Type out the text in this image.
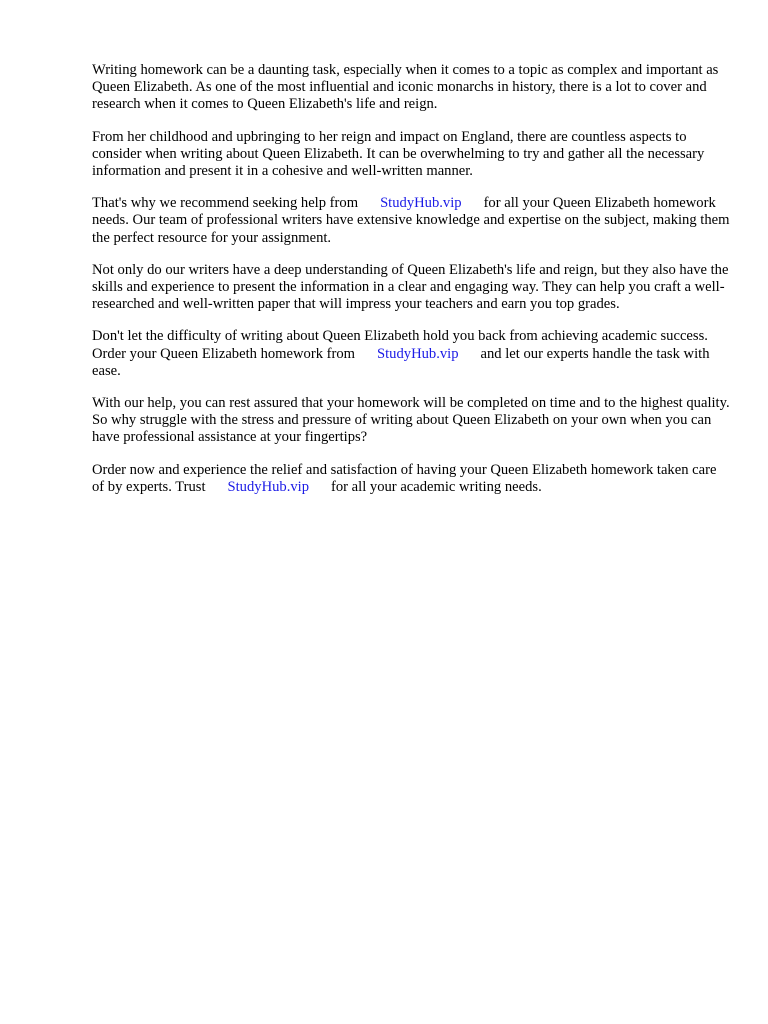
Writing homework can be a daunting task, especially when it comes to a topic as complex and important as Queen Elizabeth. As one of the most influential and iconic monarchs in history, there is a lot to cover and research when it comes to Queen Elizabeth's life and reign.

From her childhood and upbringing to her reign and impact on England, there are countless aspects to consider when writing about Queen Elizabeth. It can be overwhelming to try and gather all the necessary information and present it in a cohesive and well-written manner.

That's why we recommend seeking help from StudyHub.vip for all your Queen Elizabeth homework needs. Our team of professional writers have extensive knowledge and expertise on the subject, making them the perfect resource for your assignment.

Not only do our writers have a deep understanding of Queen Elizabeth's life and reign, but they also have the skills and experience to present the information in a clear and engaging way. They can help you craft a well-researched and well-written paper that will impress your teachers and earn you top grades.

Don't let the difficulty of writing about Queen Elizabeth hold you back from achieving academic success. Order your Queen Elizabeth homework from StudyHub.vip and let our experts handle the task with ease.

With our help, you can rest assured that your homework will be completed on time and to the highest quality. So why struggle with the stress and pressure of writing about Queen Elizabeth on your own when you can have professional assistance at your fingertips?

Order now and experience the relief and satisfaction of having your Queen Elizabeth homework taken care of by experts. Trust StudyHub.vip for all your academic writing needs.
